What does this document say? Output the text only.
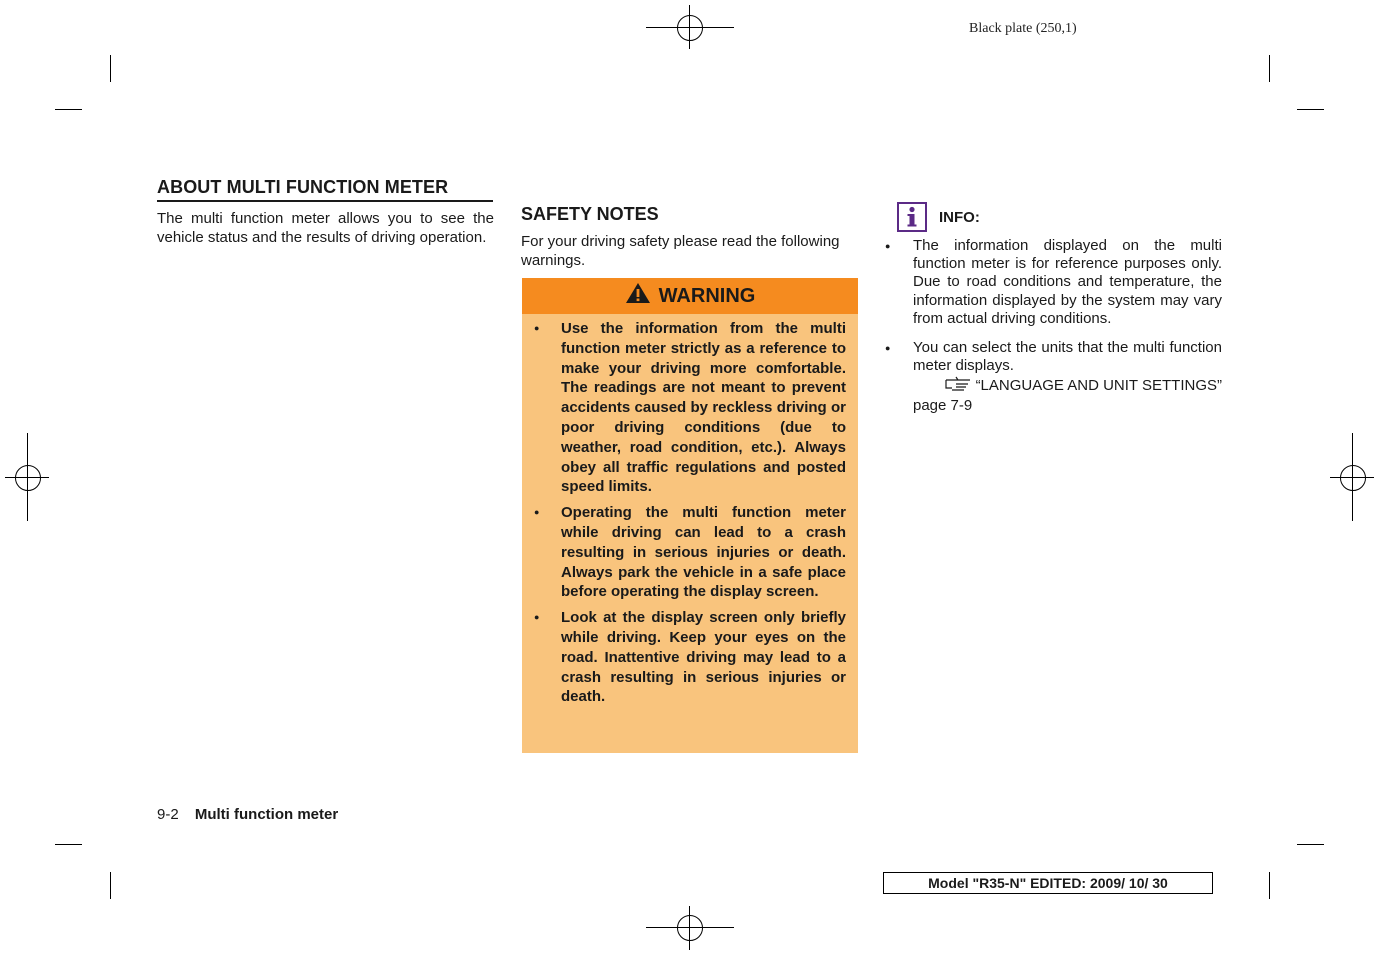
Black plate (250,1)
ABOUT MULTI FUNCTION METER
The multi function meter allows you to see the vehicle status and the results of driving operation.
SAFETY NOTES
For your driving safety please read the following warnings.
WARNING
● Use the information from the multi function meter strictly as a reference to make your driving more comfortable. The readings are not meant to prevent accidents caused by reckless driving or poor driving conditions (due to weather, road condition, etc.). Always obey all traffic regulations and posted speed limits.
● Operating the multi function meter while driving can lead to a crash resulting in serious injuries or death. Always park the vehicle in a safe place before operating the display screen.
● Look at the display screen only briefly while driving. Keep your eyes on the road. Inattentive driving may lead to a crash resulting in serious injuries or death.
INFO:
● The information displayed on the multi function meter is for reference purposes only. Due to road conditions and temperature, the information displayed by the system may vary from actual driving conditions.
● You can select the units that the multi function meter displays.
“LANGUAGE AND UNIT SETTINGS”
page 7-9
9-2 Multi function meter
Model "R35-N" EDITED: 2009/ 10/ 30
